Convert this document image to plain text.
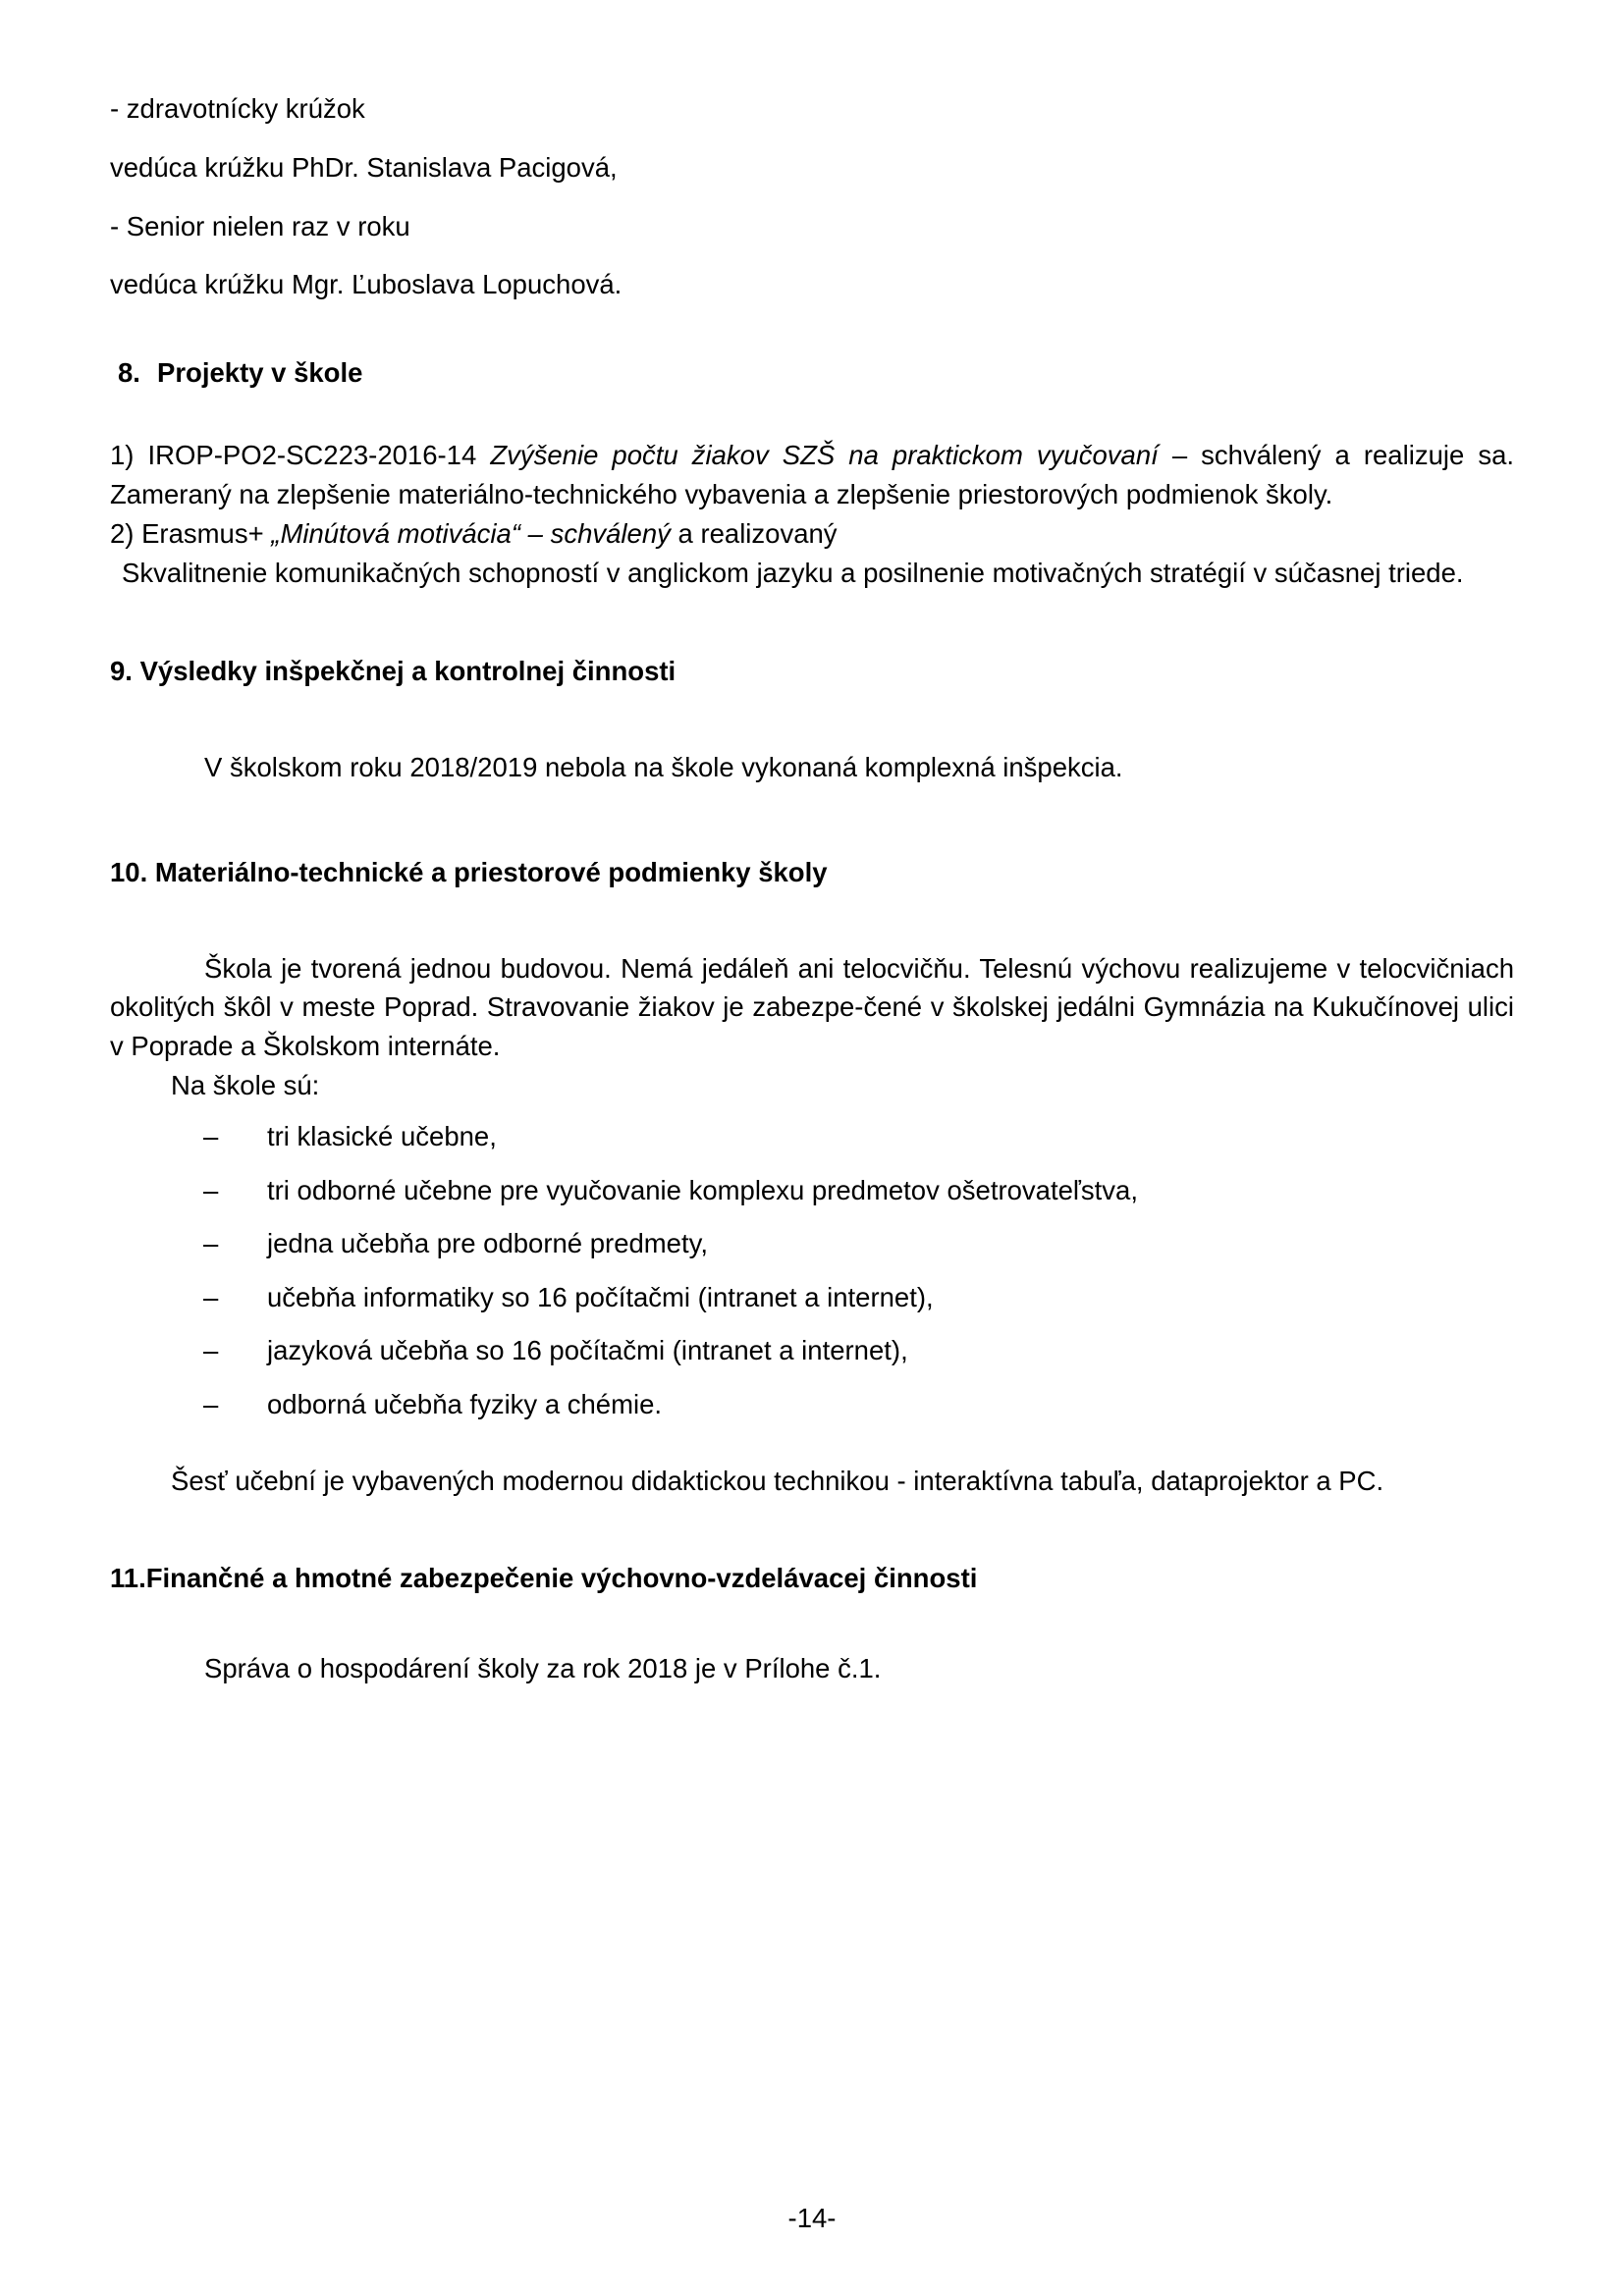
- zdravotnícky krúžok

vedúca krúžku PhDr. Stanislava Pacigová,

- Senior nielen raz v roku

vedúca krúžku Mgr. Ľuboslava Lopuchová.

8. Projekty v škole

1) IROP-PO2-SC223-2016-14 Zvýšenie počtu žiakov SZŠ na praktickom vyučovaní – schválený a realizuje sa. Zameraný na zlepšenie materiálno-technického vybavenia a zlepšenie priestorových podmienok školy.

2) Erasmus+ „Minútová motivácia“ – schválený a realizovaný

Skvalitnenie komunikačných schopností v anglickom jazyku a posilnenie motivačných stratégií v súčasnej triede.

9. Výsledky inšpekčnej a kontrolnej činnosti

V školskom roku 2018/2019 nebola na škole vykonaná komplexná inšpekcia.

10. Materiálno-technické a priestorové podmienky školy

Škola je tvorená jednou budovou. Nemá jedáleň ani telocvičňu. Telesnú výchovu realizujeme v telocvičniach okolitých škôl v meste Poprad. Stravovanie žiakov je zabezpe-čené v školskej jedálni Gymnázia na Kukučínovej ulici v Poprade a Školskom internáte.

Na škole sú:

– tri klasické učebne,
– tri odborné učebne pre vyučovanie komplexu predmetov ošetrovateľstva,
– jedna učebňa pre odborné predmety,
– učebňa informatiky so 16 počítačmi (intranet a internet),
– jazyková učebňa so 16 počítačmi (intranet a internet),
– odborná učebňa fyziky a chémie.

Šesť učební je vybavených modernou didaktickou technikou - interaktívna tabuľa, dataprojektor a PC.

11.Finančné a hmotné zabezpečenie výchovno-vzdelávacej činnosti

Správa o hospodárení školy za rok 2018 je v Prílohe č.1.

-14-
